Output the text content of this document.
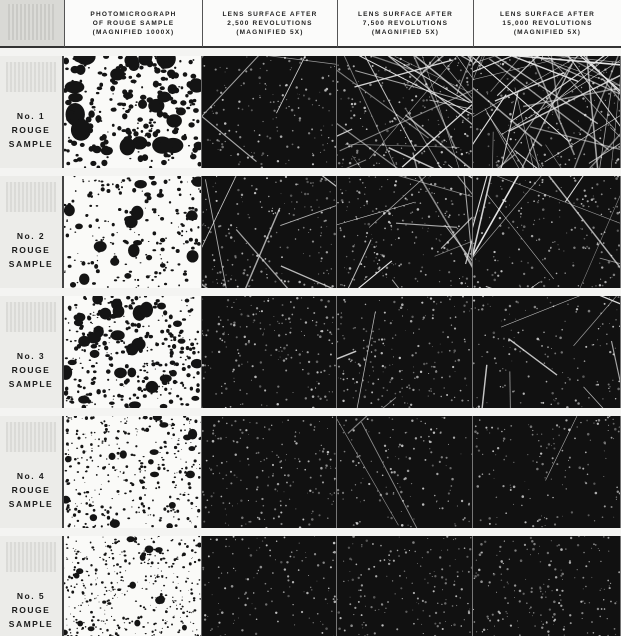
PHOTOMICROGRAPH
OF ROUGE SAMPLE
(MAGNIFIED 1000X)
LENS SURFACE AFTER
2,500 REVOLUTIONS
(MAGNIFIED 5X)
LENS SURFACE AFTER
7,500 REVOLUTIONS
(MAGNIFIED 5X)
LENS SURFACE AFTER
15,000 REVOLUTIONS
(MAGNIFIED 5X)
No. 1
ROUGE
SAMPLE
No. 2
ROUGE
SAMPLE
No. 3
ROUGE
SAMPLE
No. 4
ROUGE
SAMPLE
No. 5
ROUGE
SAMPLE
